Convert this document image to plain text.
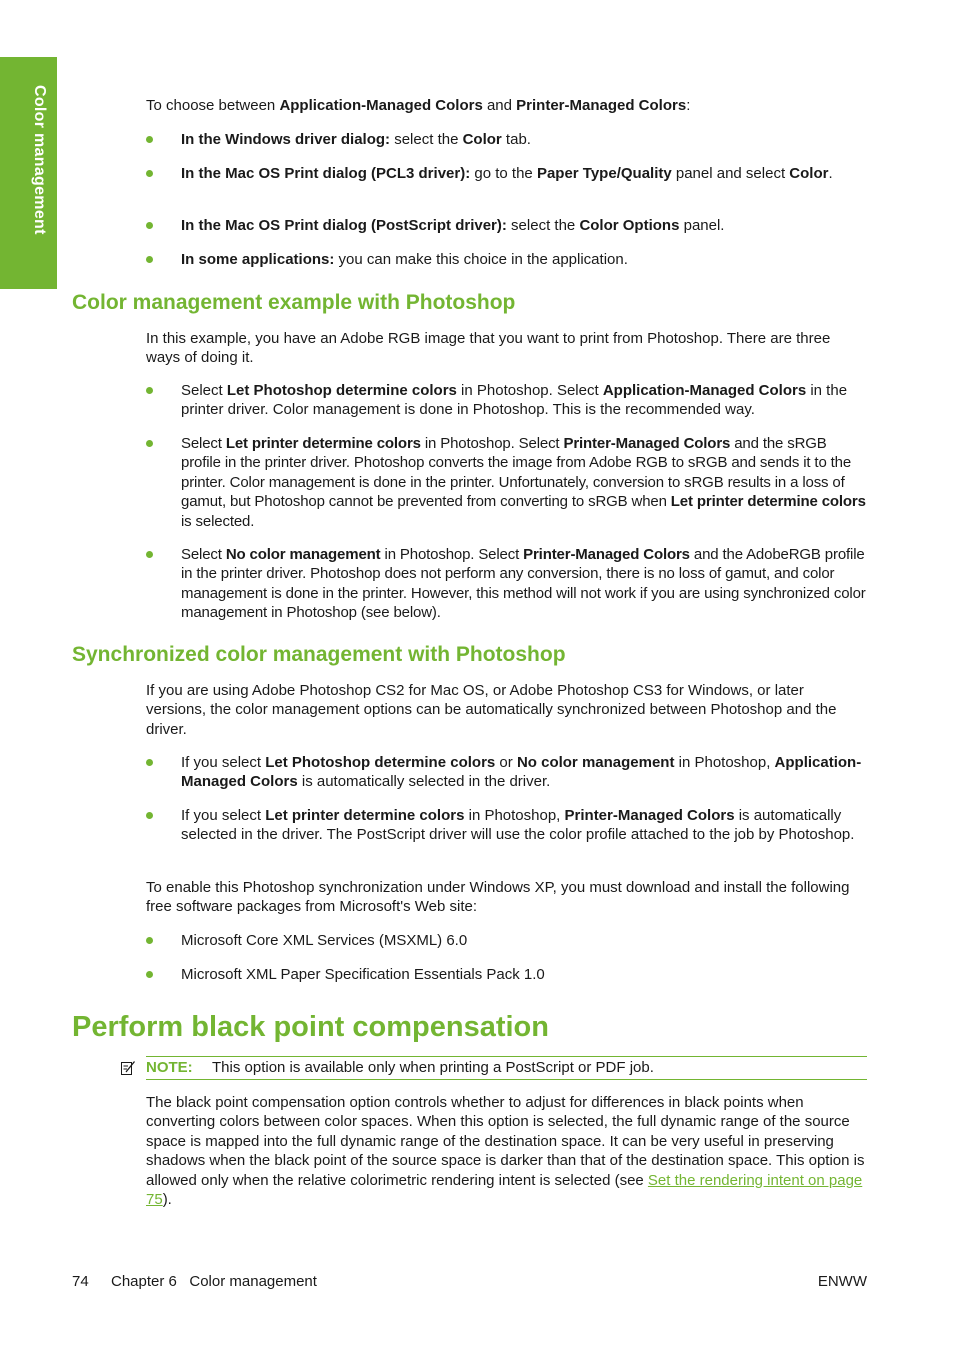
Color management	To choose between Application-Managed Colors and Printer-Managed Colors:

In the Windows driver dialog: select the Color tab.

In the Mac OS Print dialog (PCL3 driver): go to the Paper Type/Quality panel and select Color.

In the Mac OS Print dialog (PostScript driver): select the Color Options panel.

In some applications: you can make this choice in the application.

Color management example with Photoshop

In this example, you have an Adobe RGB image that you want to print from Photoshop. There are three ways of doing it.

Select Let Photoshop determine colors in Photoshop. Select Application-Managed Colors in the printer driver. Color management is done in Photoshop. This is the recommended way.

Select Let printer determine colors in Photoshop. Select Printer-Managed Colors and the sRGB profile in the printer driver. Photoshop converts the image from Adobe RGB to sRGB and sends it to the printer. Color management is done in the printer. Unfortunately, conversion to sRGB results in a loss of gamut, but Photoshop cannot be prevented from converting to sRGB when Let printer determine colors is selected.

Select No color management in Photoshop. Select Printer-Managed Colors and the AdobeRGB profile in the printer driver. Photoshop does not perform any conversion, there is no loss of gamut, and color management is done in the printer. However, this method will not work if you are using synchronized color management in Photoshop (see below).

Synchronized color management with Photoshop

If you are using Adobe Photoshop CS2 for Mac OS, or Adobe Photoshop CS3 for Windows, or later versions, the color management options can be automatically synchronized between Photoshop and the driver.

If you select Let Photoshop determine colors or No color management in Photoshop, Application-Managed Colors is automatically selected in the driver.

If you select Let printer determine colors in Photoshop, Printer-Managed Colors is automatically selected in the driver. The PostScript driver will use the color profile attached to the job by Photoshop.

To enable this Photoshop synchronization under Windows XP, you must download and install the following free software packages from Microsoft's Web site:

Microsoft Core XML Services (MSXML) 6.0

Microsoft XML Paper Specification Essentials Pack 1.0

Perform black point compensation
NOTE: This option is available only when printing a PostScript or PDF job.

The black point compensation option controls whether to adjust for differences in black points when converting colors between color spaces. When this option is selected, the full dynamic range of the source space is mapped into the full dynamic range of the destination space. It can be very useful in preserving shadows when the black point of the source space is darker than that of the destination space. This option is allowed only when the relative colorimetric rendering intent is selected (see Set the rendering intent on page 75).

74 Chapter 6   Color management	ENWW
